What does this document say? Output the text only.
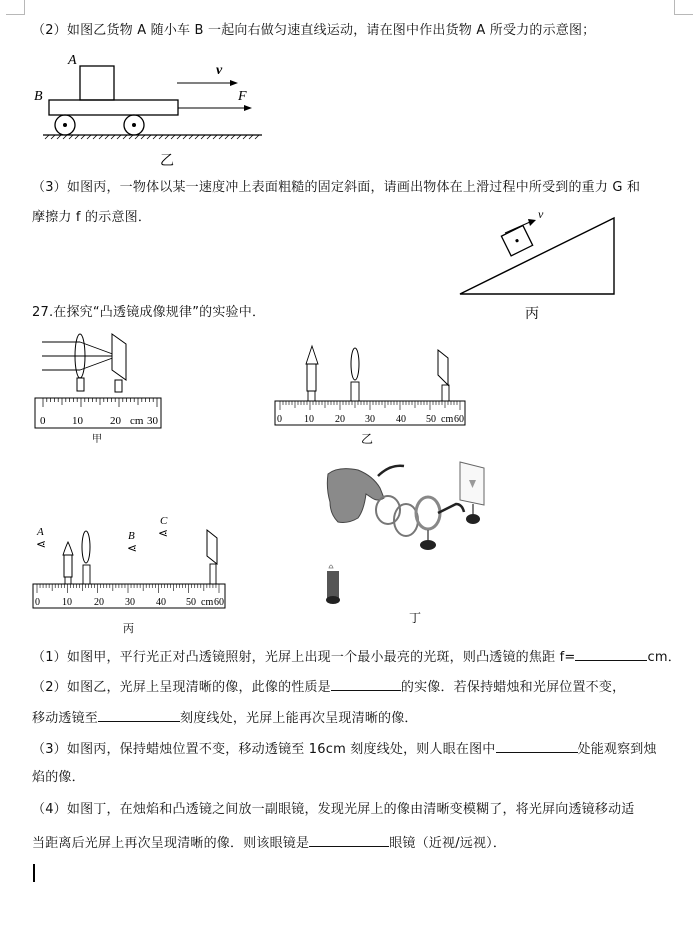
（2）如图乙货物 A 随小车 B 一起向右做匀速直线运动，请在图中作出货物 A 所受力的示意图；
A
B
v
F
乙
（3）如图丙，一物体以某一速度冲上表面粗糙的固定斜面，请画出物体在上滑过程中所受到的重力 G 和
摩擦力 f 的示意图．	v
丙
27.在探究“凸透镜成像规律”的实验中．
0 10 20 cm 30
甲
0 10 20 30 40 50 cm 60
乙
丁
A
⋖
B
⋖
C
⋖
0 10 20 30 40 50 cm 60
丙
（1）如图甲，平行光正对凸透镜照射，光屏上出现一个最小最亮的光斑，则凸透镜的焦距 f=	cm．
（2）如图乙，光屏上呈现清晰的像，此像的性质是	的实像．若保持蜡烛和光屏位置不变，
移动透镜至	刻度线处，光屏上能再次呈现清晰的像．
（3）如图丙，保持蜡烛位置不变，移动透镜至 16cm 刻度线处，则人眼在图中	处能观察到烛
焰的像．
（4）如图丁，在烛焰和凸透镜之间放一副眼镜，发现光屏上的像由清晰变模糊了，将光屏向透镜移动适
当距离后光屏上再次呈现清晰的像．则该眼镜是	眼镜（近视/远视）．
